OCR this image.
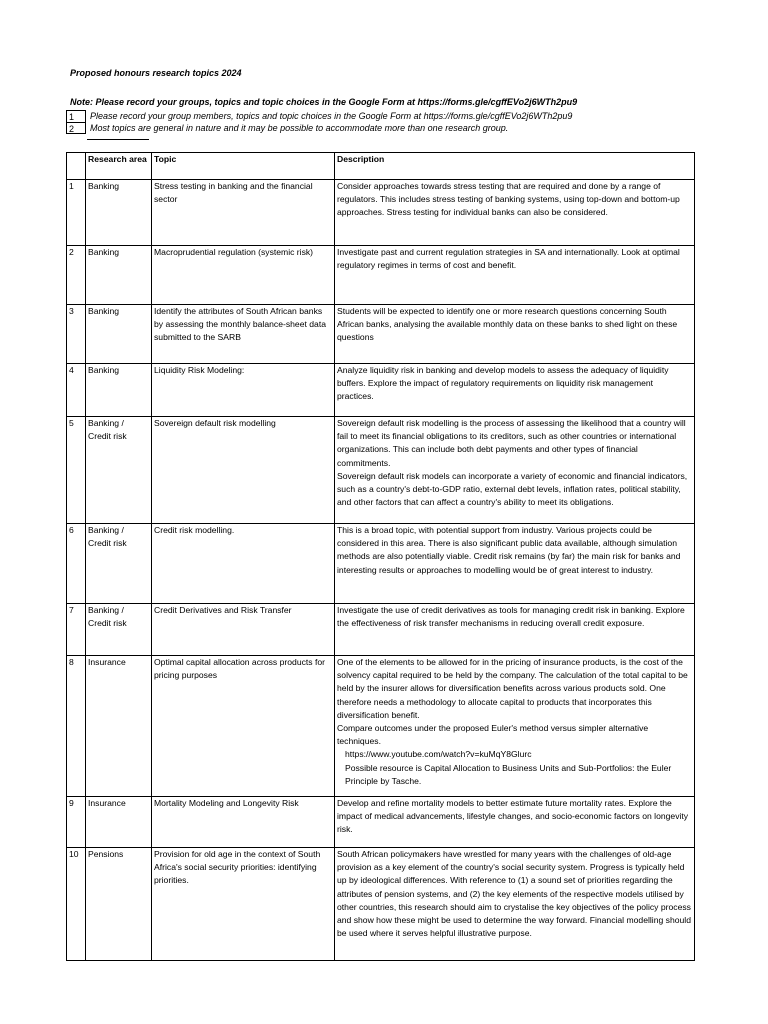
Proposed honours research topics 2024
Note: Please record your groups, topics and topic choices in the Google Form at https://forms.gle/cgffEVo2j6WTh2pu9
1	Please record your group members, topics and topic choices in the Google Form at https://forms.gle/cgffEVo2j6WTh2pu9
2	Most topics are general in nature and it may be possible to accommodate more than one research group.
	Research area	Topic	Description
1	Banking	Stress testing in banking and the financial sector	Consider approaches towards stress testing that are required and done by a range of regulators. This includes stress testing of banking systems, using top-down and bottom-up approaches. Stress testing for individual banks can also be considered.

2	Banking	Macroprudential regulation (systemic risk)	Investigate past and current regulation strategies in SA and internationally. Look at optimal regulatory regimes in terms of cost and benefit.

3	Banking	Identify the attributes of South African banks by assessing the monthly balance-sheet data submitted to the SARB	Students will be expected to identify one or more research questions concerning South African banks, analysing the available monthly data on these banks to shed light on these questions

4	Banking	Liquidity Risk Modeling:	Analyze liquidity risk in banking and develop models to assess the adequacy of liquidity buffers. Explore the impact of regulatory requirements on liquidity risk management practices.

5	Banking / Credit risk	Sovereign default risk modelling	Sovereign default risk modelling is the process of assessing the likelihood that a country will fail to meet its financial obligations to its creditors, such as other countries or international organizations. This can include both debt payments and other types of financial commitments.
Sovereign default risk models can incorporate a variety of economic and financial indicators, such as a country's debt-to-GDP ratio, external debt levels, inflation rates, political stability, and other factors that can affect a country's ability to meet its obligations.

6	Banking / Credit risk	Credit risk modelling.	This is a broad topic, with potential support from industry. Various projects could be considered in this area. There is also significant public data available, although simulation methods are also potentially viable. Credit risk remains (by far) the main risk for banks and interesting results or approaches to modelling would be of great interest to industry.

7	Banking / Credit risk	Credit Derivatives and Risk Transfer	Investigate the use of credit derivatives as tools for managing credit risk in banking. Explore the effectiveness of risk transfer mechanisms in reducing overall credit exposure.

8	Insurance	Optimal capital allocation across products for pricing purposes	One of the elements to be allowed for in the pricing of insurance products, is the cost of the solvency capital required to be held by the company. The calculation of the total capital to be held by the insurer allows for diversification benefits across various products sold. One therefore needs a methodology to allocate capital to products that incorporates this diversification benefit.
Compare outcomes under the proposed Euler's method versus simpler alternative techniques.
https://www.youtube.com/watch?v=kuMqY8Glurc
Possible resource is Capital Allocation to Business Units and Sub-Portfolios: the Euler Principle by Tasche.

9	Insurance	Mortality Modeling and Longevity Risk	Develop and refine mortality models to better estimate future mortality rates. Explore the impact of medical advancements, lifestyle changes, and socio-economic factors on longevity risk.

10	Pensions	Provision for old age in the context of South Africa's social security priorities: identifying priorities.	South African policymakers have wrestled for many years with the challenges of old-age provision as a key element of the country's social security system. Progress is typically held up by ideological differences. With reference to (1) a sound set of priorities regarding the attributes of pension systems, and (2) the key elements of the respective models utilised by other countries, this research should aim to crystalise the key objectives of the policy process and show how these might be used to determine the way forward. Financial modelling should be used where it serves helpful illustrative purpose.
